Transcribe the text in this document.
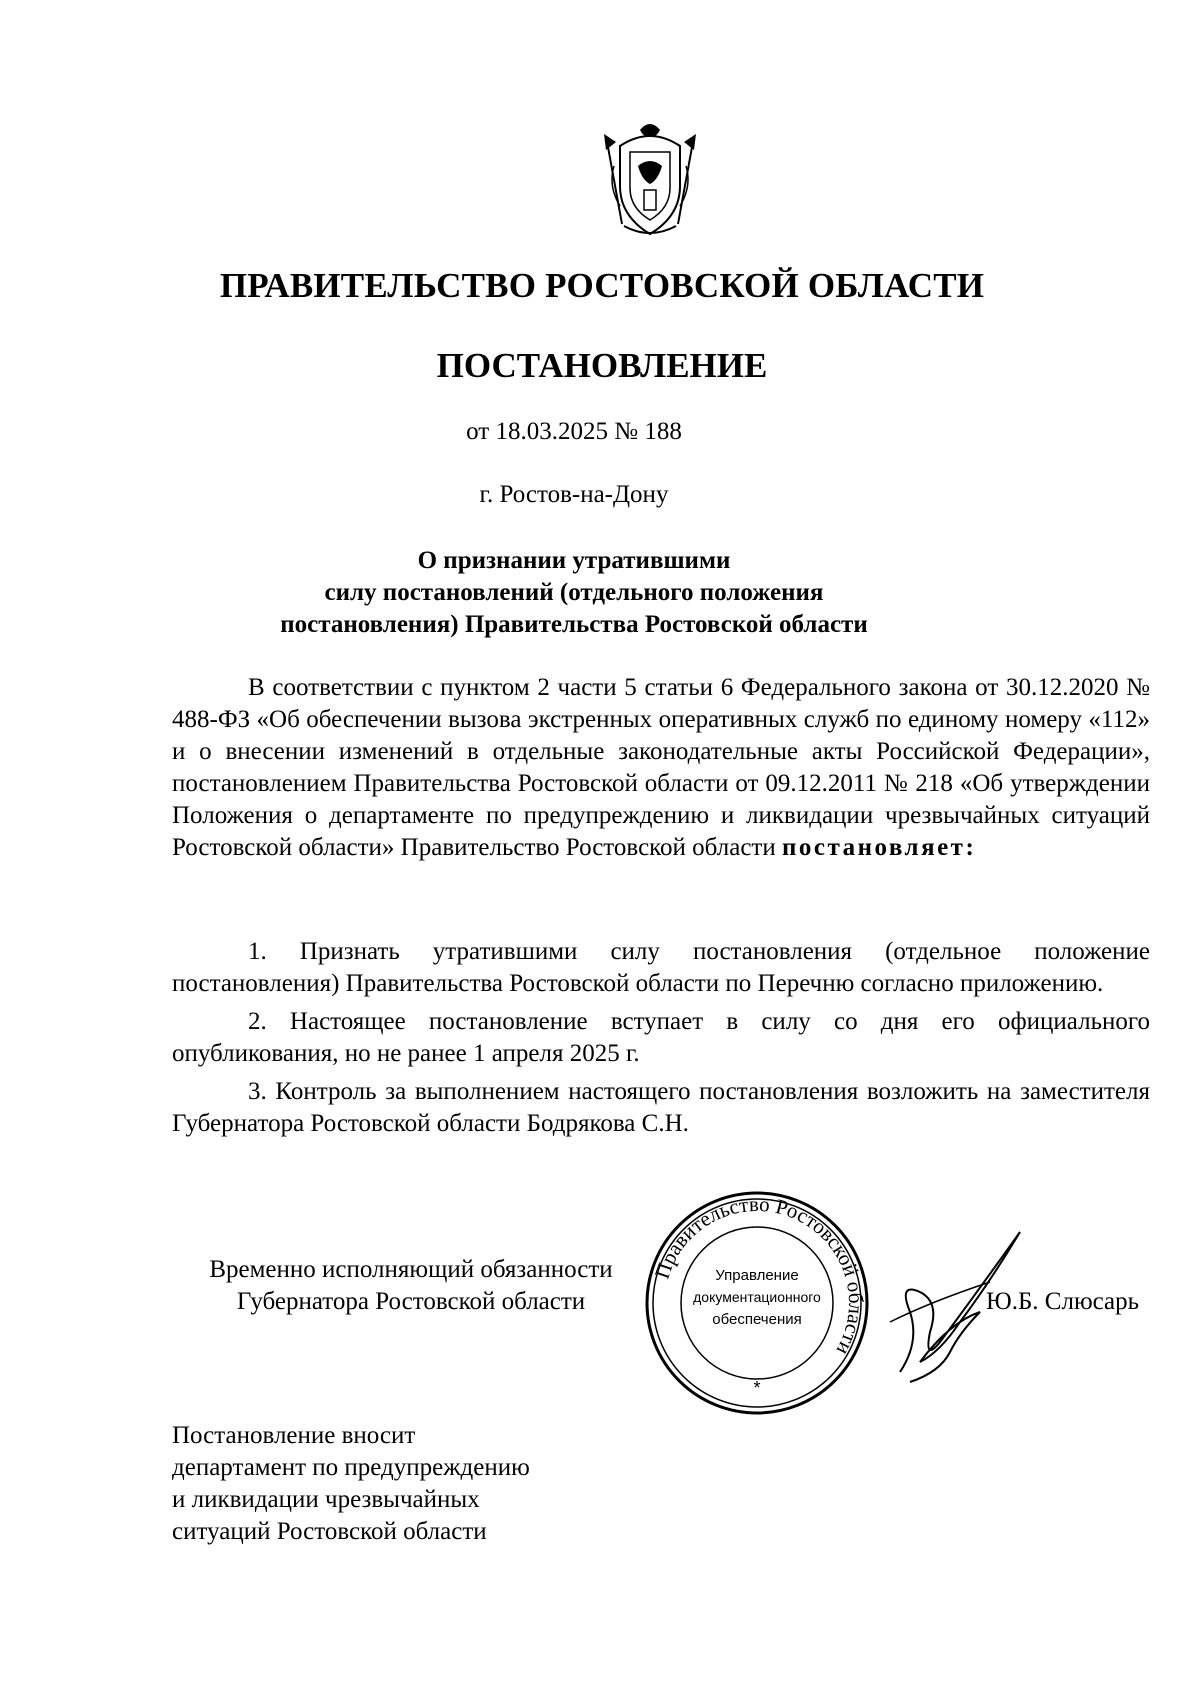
ПРАВИТЕЛЬСТВО РОСТОВСКОЙ ОБЛАСТИ
ПОСТАНОВЛЕНИЕ
от 18.03.2025 № 188
г. Ростов-на-Дону
О признании утратившими
силу постановлений (отдельного положения
постановления) Правительства Ростовской области

В соответствии с пунктом 2 части 5 статьи 6 Федерального закона от 30.12.2020 № 488-ФЗ «Об обеспечении вызова экстренных оперативных служб по единому номеру «112» и о внесении изменений в отдельные законодательные акты Российской Федерации», постановлением Правительства Ростовской области от 09.12.2011 № 218 «Об утверждении Положения о департаменте по предупреждению и ликвидации чрезвычайных ситуаций Ростовской области» Правительство Ростовской области постановляет:

1. Признать утратившими силу постановления (отдельное положение постановления) Правительства Ростовской области по Перечню согласно приложению.

2. Настоящее постановление вступает в силу со дня его официального опубликования, но не ранее 1 апреля 2025 г.

3. Контроль за выполнением настоящего постановления возложить на заместителя Губернатора Ростовской области Бодрякова С.Н.

Временно исполняющий обязанности
Губернатора Ростовской области
Правительство Ростовской области
Управление
документационного
обеспечения
*
Ю.Б. Слюсарь
Постановление вносит
департамент по предупреждению
и ликвидации чрезвычайных
ситуаций Ростовской области
